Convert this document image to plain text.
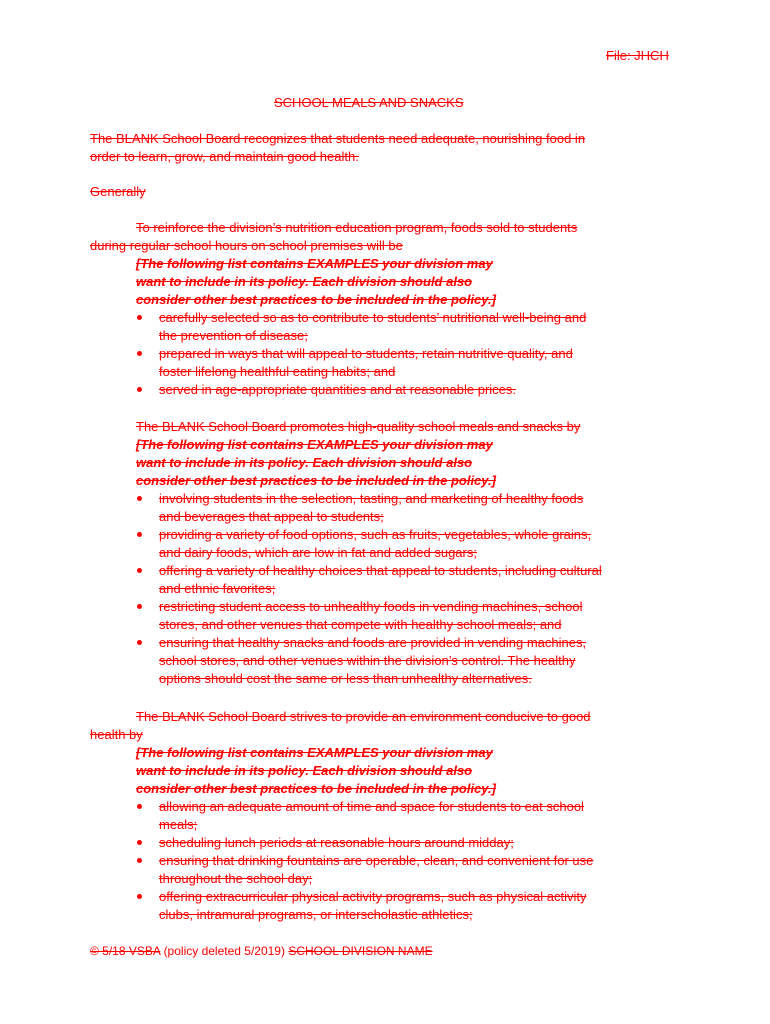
File: JHCH
SCHOOL MEALS AND SNACKS
The BLANK School Board recognizes that students need adequate, nourishing food in
order to learn, grow, and maintain good health.
Generally
To reinforce the division’s nutrition education program, foods sold to students
during regular school hours on school premises will be
[The following list contains EXAMPLES your division may
want to include in its policy. Each division should also
consider other best practices to be included in the policy.]
carefully selected so as to contribute to students’ nutritional well-being and
the prevention of disease;
prepared in ways that will appeal to students, retain nutritive quality, and
foster lifelong healthful eating habits; and
served in age-appropriate quantities and at reasonable prices.
The BLANK School Board promotes high-quality school meals and snacks by
[The following list contains EXAMPLES your division may
want to include in its policy. Each division should also
consider other best practices to be included in the policy.]
involving students in the selection, tasting, and marketing of healthy foods
and beverages that appeal to students;
providing a variety of food options, such as fruits, vegetables, whole grains,
and dairy foods, which are low in fat and added sugars;
offering a variety of healthy choices that appeal to students, including cultural
and ethnic favorites;
restricting student access to unhealthy foods in vending machines, school
stores, and other venues that compete with healthy school meals; and
ensuring that healthy snacks and foods are provided in vending machines,
school stores, and other venues within the division’s control. The healthy
options should cost the same or less than unhealthy alternatives.
The BLANK School Board strives to provide an environment conducive to good
health by
[The following list contains EXAMPLES your division may
want to include in its policy. Each division should also
consider other best practices to be included in the policy.]
allowing an adequate amount of time and space for students to eat school
meals;
scheduling lunch periods at reasonable hours around midday;
ensuring that drinking fountains are operable, clean, and convenient for use
throughout the school day;
offering extracurricular physical activity programs, such as physical activity
clubs, intramural programs, or interscholastic athletics;
© 5/18 VSBA (policy deleted 5/2019) SCHOOL DIVISION NAME
